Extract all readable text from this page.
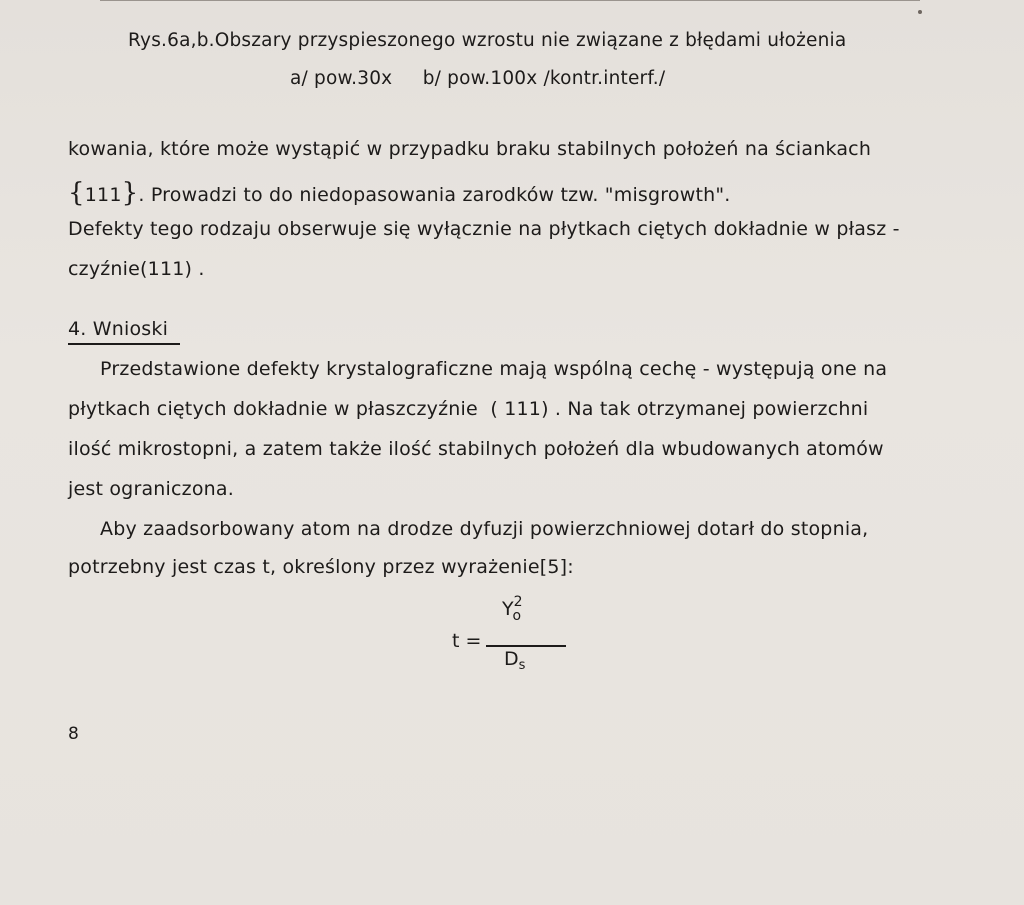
Rys.6a,b.Obszary przyspieszonego wzrostu nie związane z błędami ułożenia
a/ pow.30x     b/ pow.100x /kontr.interf./
kowania, które może wystąpić w przypadku braku stabilnych położeń na ściankach
{111}. Prowadzi to do niedopasowania zarodków tzw. "misgrowth".
Defekty tego rodzaju obserwuje się wyłącznie na płytkach ciętych dokładnie w płasz -
czyźnie(111) .
4. Wnioski
Przedstawione defekty krystalograficzne mają wspólną cechę - występują one na
płytkach ciętych dokładnie w płaszczyźnie  ( 111) . Na tak otrzymanej powierzchni
ilość mikrostopni, a zatem także ilość stabilnych położeń dla wbudowanych atomów
jest ograniczona.
Aby zaadsorbowany atom na drodze dyfuzji powierzchniowej dotarł do stopnia,
potrzebny jest czas t, określony przez wyrażenie[5]:
t =
$Y^2_o$
$D_s$
8
